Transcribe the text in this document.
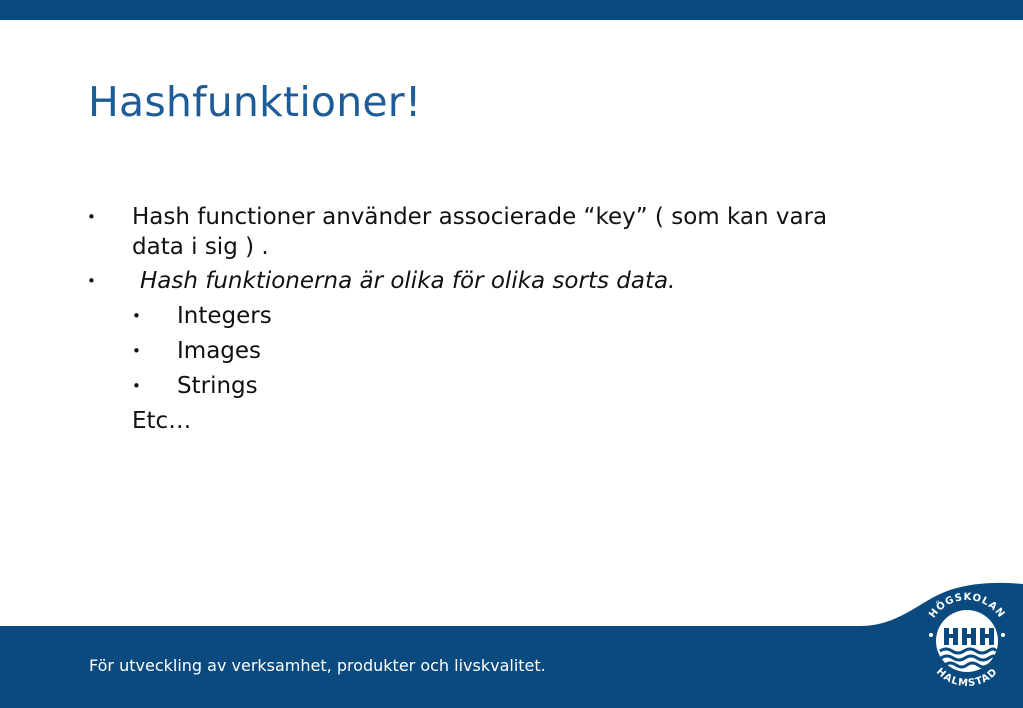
Hashfunktioner!
• Hash functioner använder associerade “key” ( som kan vara
data i sig ) .
• Hash funktionerna är olika för olika sorts data.
• Integers
• Images
• Strings
Etc…
För utveckling av verksamhet, produkter och livskvalitet.
HÖGSKOLAN
HALMSTAD
